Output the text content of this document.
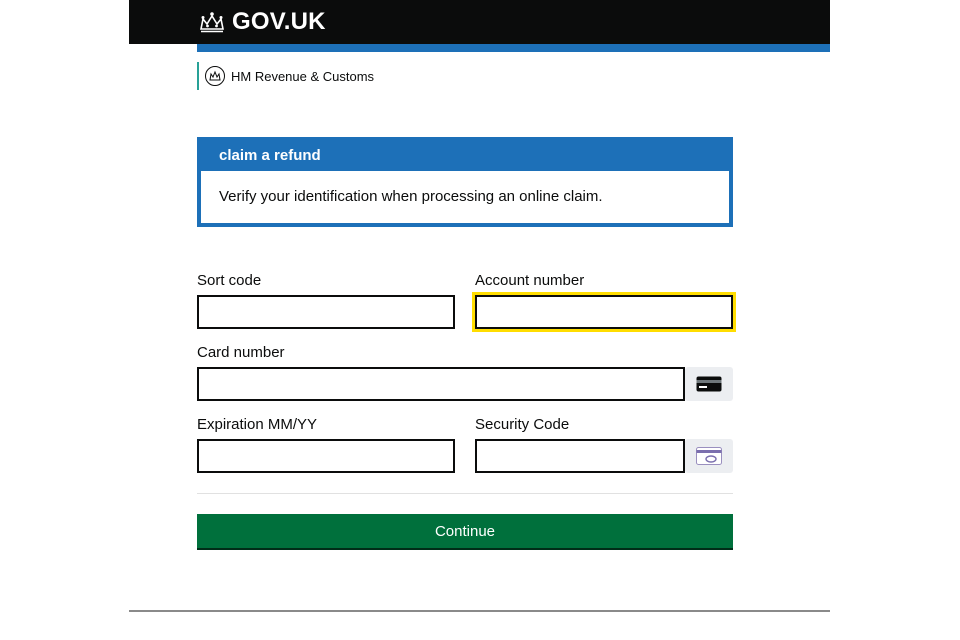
GOV.UK
HM Revenue & Customs
claim a refund
Verify your identification when processing an online claim.
Sort code	Account number
Card number
Expiration MM/YY	Security Code
Continue
